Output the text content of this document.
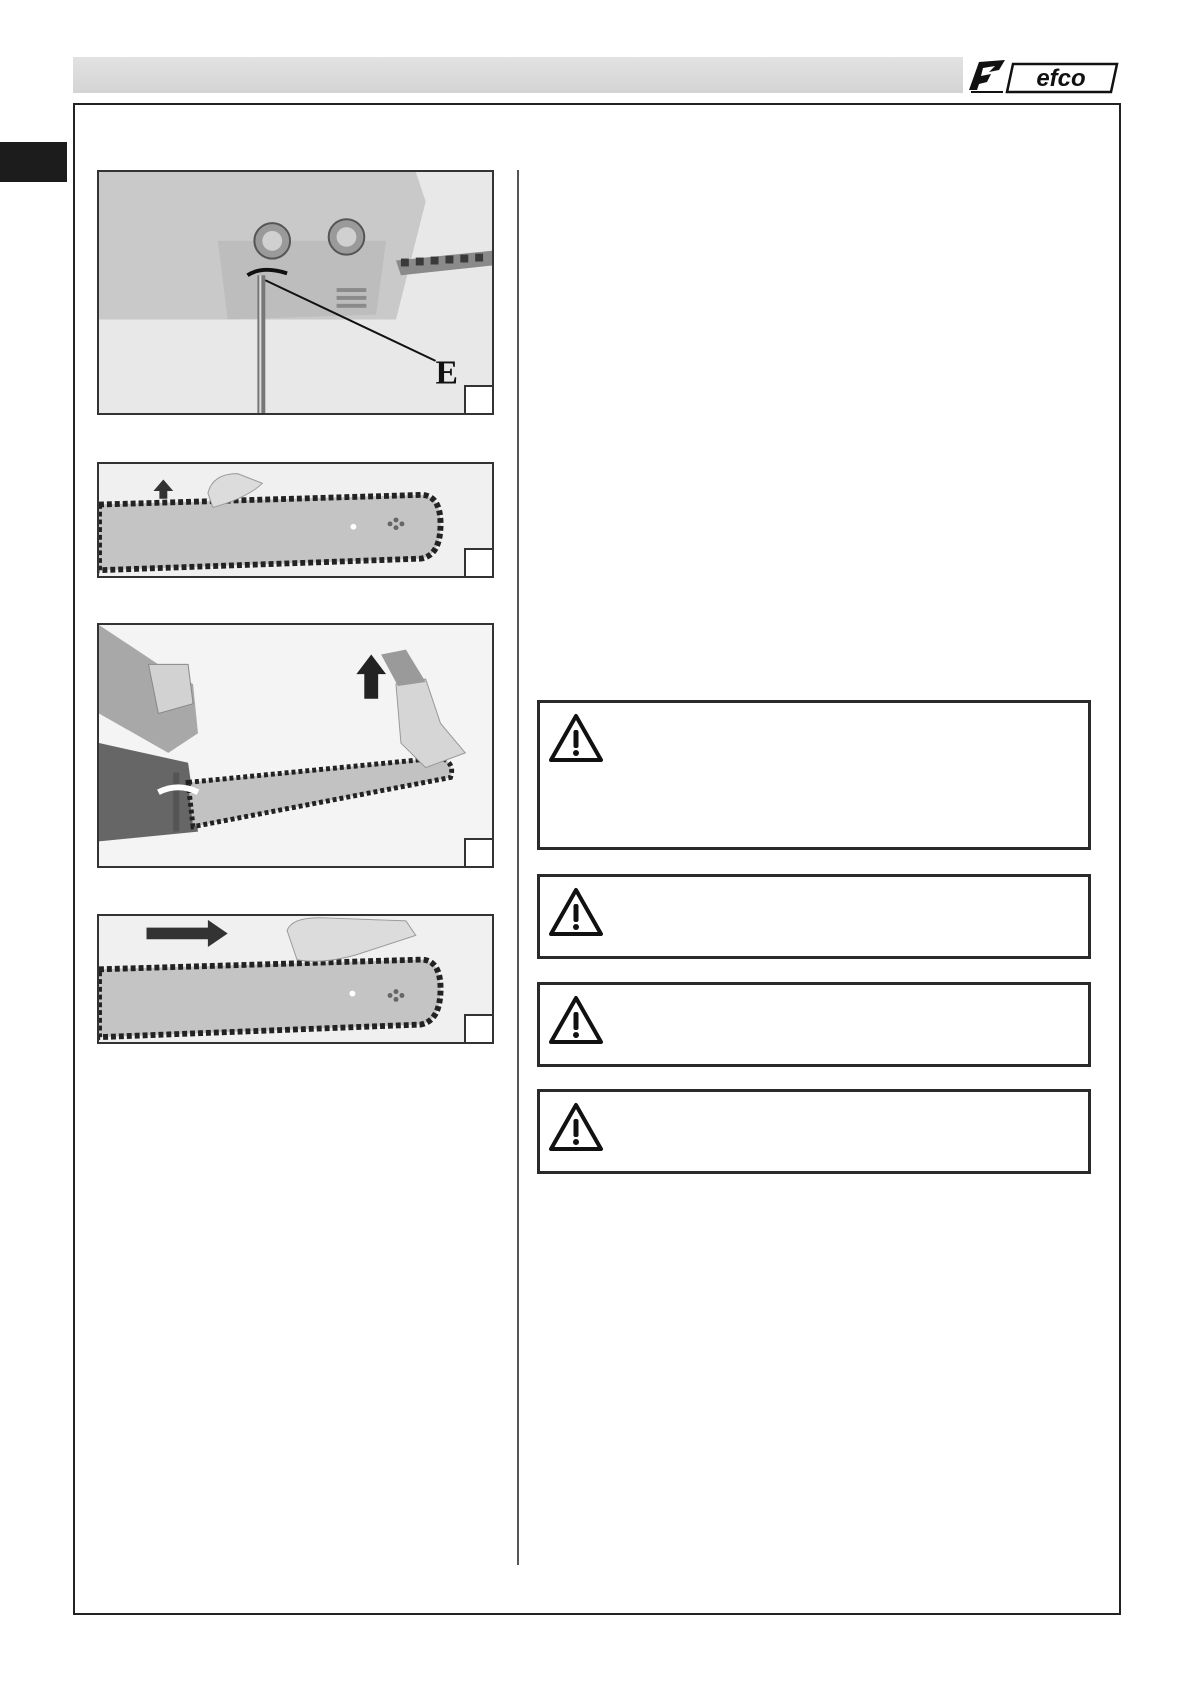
efco
E
